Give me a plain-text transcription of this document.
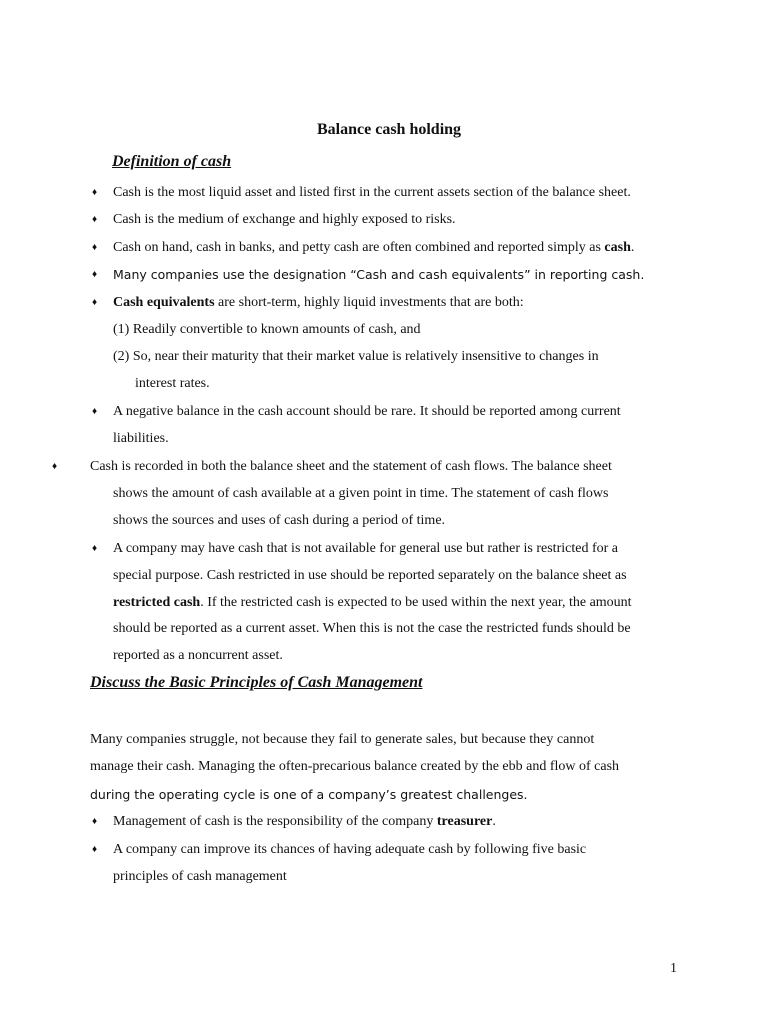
Balance cash holding
Definition of cash
♦ Cash is the most liquid asset and listed first in the current assets section of the balance sheet.
♦ Cash is the medium of exchange and highly exposed to risks.
♦ Cash on hand, cash in banks, and petty cash are often combined and reported simply as cash.
♦ Many companies use the designation “Cash and cash equivalents” in reporting cash.
♦ Cash equivalents are short-term, highly liquid investments that are both:
(1) Readily convertible to known amounts of cash, and
(2) So, near their maturity that their market value is relatively insensitive to changes in
interest rates.
♦ A negative balance in the cash account should be rare. It should be reported among current
liabilities.
♦ Cash is recorded in both the balance sheet and the statement of cash flows. The balance sheet
shows the amount of cash available at a given point in time. The statement of cash flows
shows the sources and uses of cash during a period of time.
♦ A company may have cash that is not available for general use but rather is restricted for a
special purpose. Cash restricted in use should be reported separately on the balance sheet as
restricted cash. If the restricted cash is expected to be used within the next year, the amount
should be reported as a current asset. When this is not the case the restricted funds should be
reported as a noncurrent asset.
Discuss the Basic Principles of Cash Management
Many companies struggle, not because they fail to generate sales, but because they cannot
manage their cash. Managing the often-precarious balance created by the ebb and flow of cash
during the operating cycle is one of a company’s greatest challenges.
♦ Management of cash is the responsibility of the company treasurer.
♦ A company can improve its chances of having adequate cash by following five basic
principles of cash management
1
